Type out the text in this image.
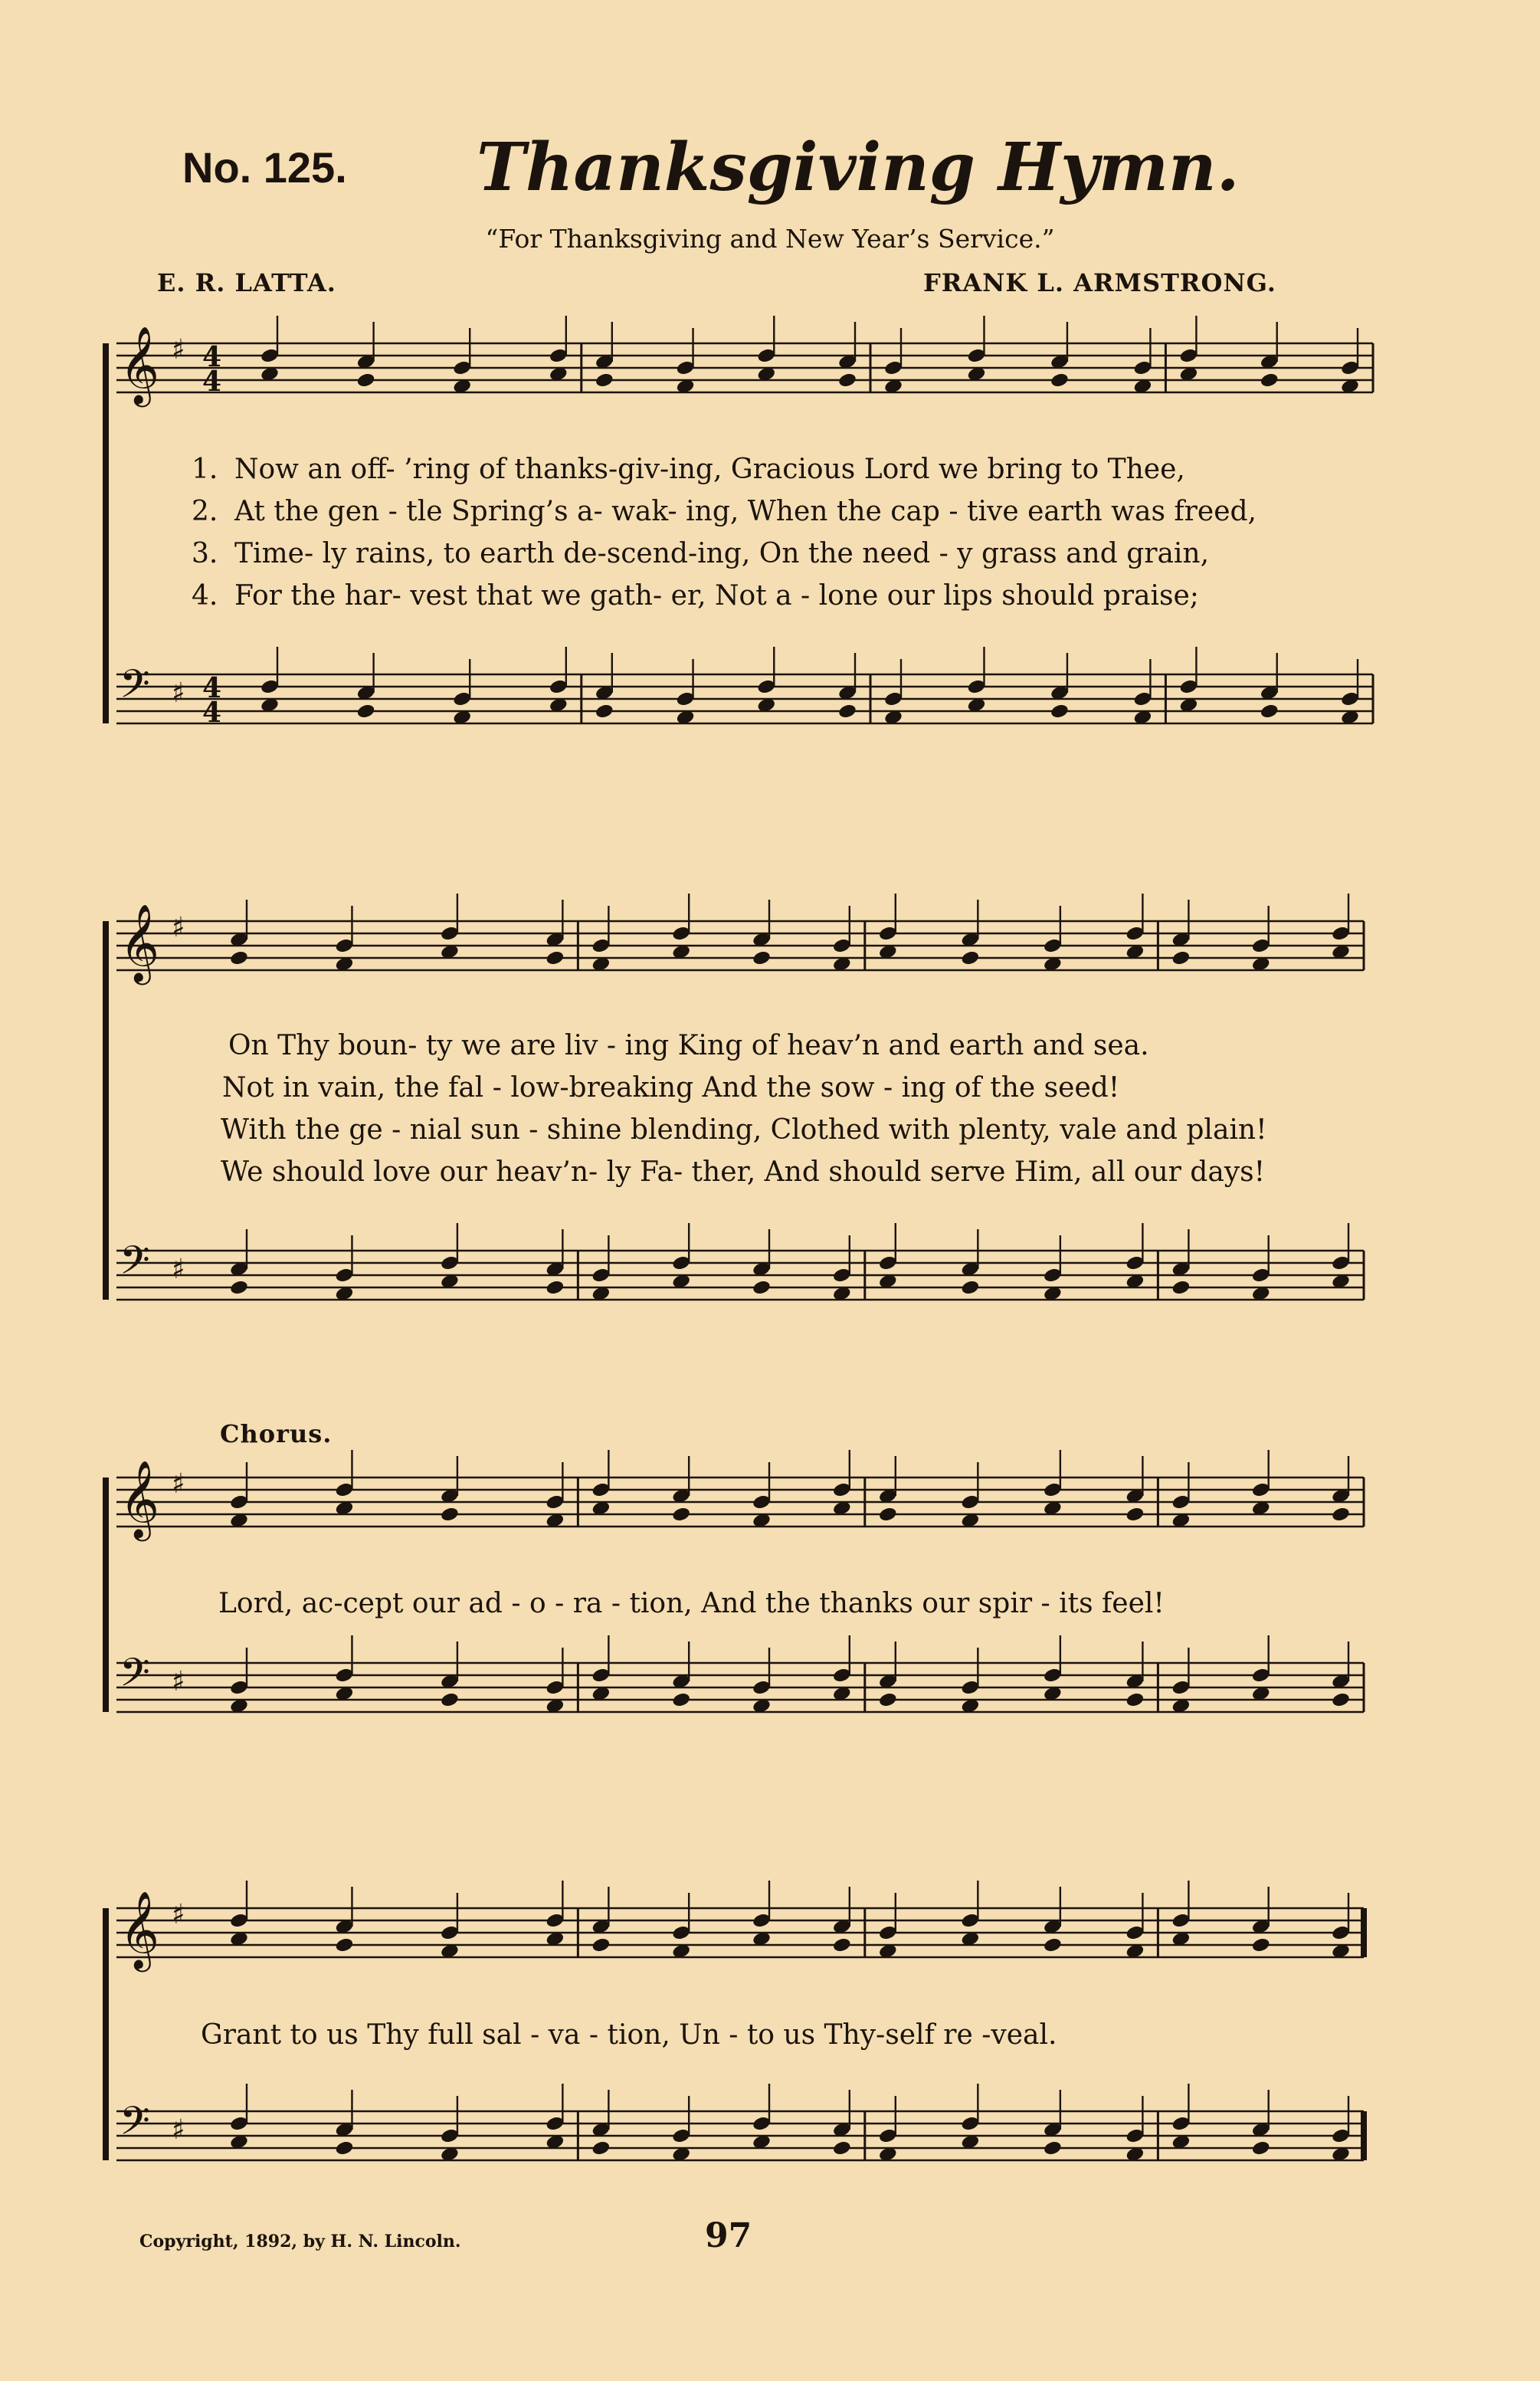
No. 125. Thanksgiving Hymn.
“For Thanksgiving and New Year’s Service.”
E. R. LATTA.	FRANK L. ARMSTRONG.
𝄞 ♯ 4
4
𝄢 ♯ 4
4
𝄞 ♯
𝄢 ♯
𝄞 ♯
𝄢 ♯
𝄞 ♯
𝄢 ♯
1. Now an off- ’ring of thanks-giv-ing, Gracious Lord we bring to Thee,
2. At the gen - tle Spring’s a- wak- ing, When the cap - tive earth was freed,
3. Time- ly rains, to earth de-scend-ing, On the need - y grass and grain,
4. For the har- vest that we gath- er, Not a - lone our lips should praise;
On Thy boun- ty we are liv - ing King of heav’n and earth and sea.
Not in vain, the fal - low-breaking And the sow - ing of the seed!
With the ge - nial sun - shine blending, Clothed with plenty, vale and plain!
We should love our heav’n- ly Fa- ther, And should serve Him, all our days!
Chorus.
Lord, ac-cept our ad - o - ra - tion, And the thanks our spir - its feel!
Grant to us Thy full sal - va - tion, Un - to us Thy-self re -veal.
Copyright, 1892, by H. N. Lincoln.	97
